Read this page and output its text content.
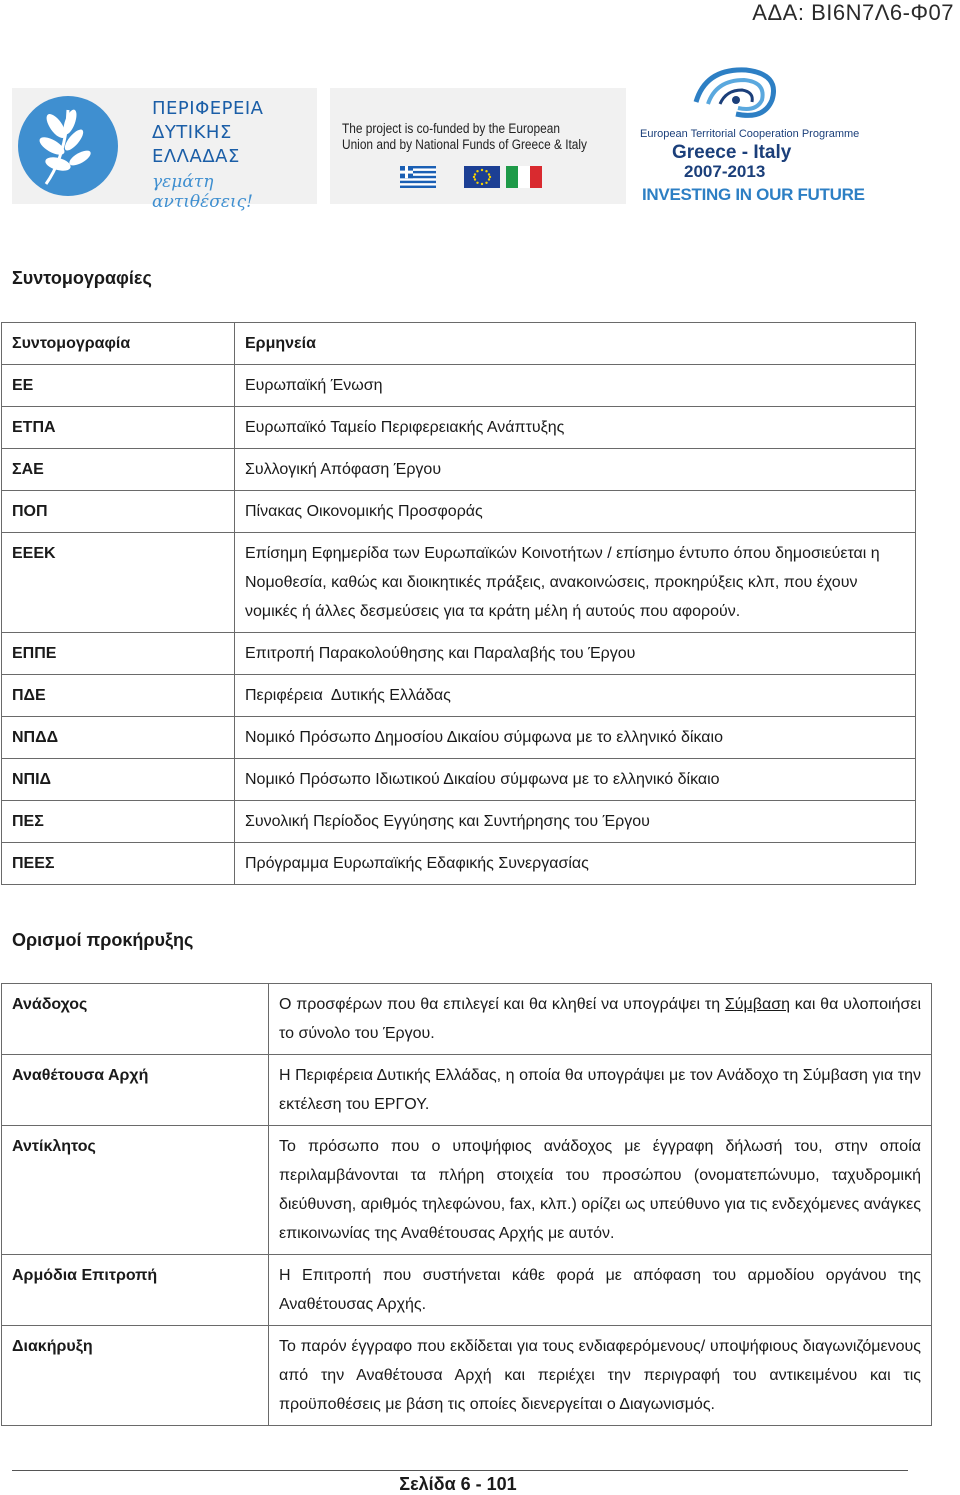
ΑΔΑ: ΒΙ6Ν7Λ6-Φ07
ΠΕΡΙΦΕΡΕΙΑ
ΔΥΤΙΚΗΣ
ΕΛΛΑΔΑΣ
γεμάτη αντιθέσεις!
The project is co-funded by the European Union and by National Funds of Greece & Italy
European Territorial Cooperation Programme
Greece - Italy
2007-2013
INVESTING IN OUR FUTURE
Συντομογραφίες
Συντομογραφία	Ερμηνεία
ΕΕ	Ευρωπαϊκή Ένωση
ΕΤΠΑ	Ευρωπαϊκό Ταμείο Περιφερειακής Ανάπτυξης
ΣΑΕ	Συλλογική Απόφαση Έργου
ΠΟΠ	Πίνακας Οικονομικής Προσφοράς
ΕΕΕΚ	Επίσημη Εφημερίδα των Ευρωπαϊκών Κοινοτήτων / επίσημο έντυπο όπου δημοσιεύεται η Νομοθεσία, καθώς και διοικητικές πράξεις, ανακοινώσεις, προκηρύξεις κλπ, που έχουν νομικές ή άλλες δεσμεύσεις για τα κράτη μέλη ή αυτούς που αφορούν.
ΕΠΠΕ	Επιτροπή Παρακολούθησης και Παραλαβής του Έργου
ΠΔΕ	Περιφέρεια  Δυτικής Ελλάδας
ΝΠΔΔ	Νομικό Πρόσωπο Δημοσίου Δικαίου σύμφωνα με το ελληνικό δίκαιο
ΝΠΙΔ	Νομικό Πρόσωπο Ιδιωτικού Δικαίου σύμφωνα με το ελληνικό δίκαιο
ΠΕΣ	Συνολική Περίοδος Εγγύησης και Συντήρησης του Έργου
ΠΕΕΣ	Πρόγραμμα Ευρωπαϊκής Εδαφικής Συνεργασίας
Ορισμοί προκήρυξης
Ανάδοχος	Ο προσφέρων που θα επιλεγεί και θα κληθεί να υπογράψει τη Σύμβαση και θα υλοποιήσει το σύνολο του Έργου.
Αναθέτουσα Αρχή	Η Περιφέρεια Δυτικής Ελλάδας, η οποία θα υπογράψει με τον Ανάδοχο τη Σύμβαση για την εκτέλεση του ΕΡΓΟΥ.
Αντίκλητος	Το πρόσωπο που ο υποψήφιος ανάδοχος με έγγραφη δήλωσή του, στην οποία περιλαμβάνονται τα πλήρη στοιχεία του προσώπου (ονοματεπώνυμο, ταχυδρομική διεύθυνση, αριθμός τηλεφώνου, fax, κλπ.) ορίζει ως υπεύθυνο για τις ενδεχόμενες ανάγκες επικοινωνίας της Αναθέτουσας Αρχής με αυτόν.
Αρμόδια Επιτροπή	Η Επιτροπή που συστήνεται κάθε φορά με απόφαση του αρμοδίου οργάνου της Αναθέτουσας Αρχής.
Διακήρυξη	Το παρόν έγγραφο που εκδίδεται για τους ενδιαφερόμενους/ υποψήφιους διαγωνιζόμενους από την Αναθέτουσα Αρχή και περιέχει την περιγραφή του αντικειμένου και τις προϋποθέσεις με βάση τις οποίες διενεργείται ο Διαγωνισμός.
Σελίδα 6 - 101
